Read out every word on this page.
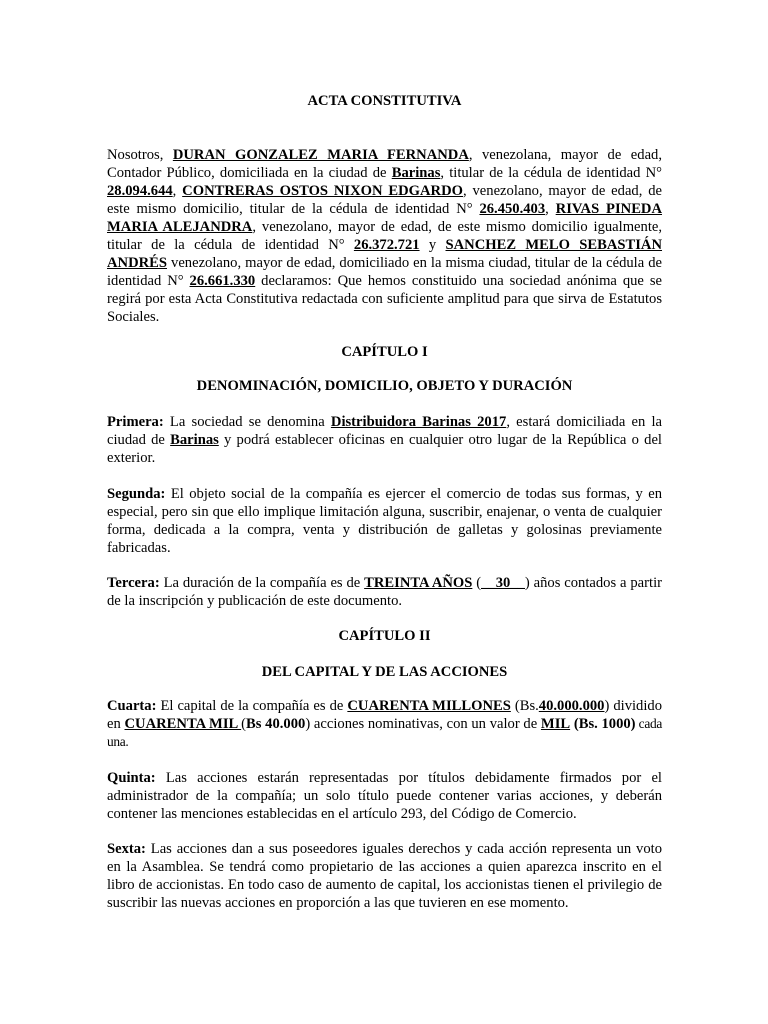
ACTA CONSTITUTIVA

Nosotros, DURAN GONZALEZ MARIA FERNANDA, venezolana, mayor de edad, Contador Público, domiciliada en la ciudad de Barinas, titular de la cédula de identidad N° 28.094.644, CONTRERAS OSTOS NIXON EDGARDO, venezolano, mayor de edad, de este mismo domicilio, titular de la cédula de identidad N° 26.450.403, RIVAS PINEDA MARIA ALEJANDRA, venezolano, mayor de edad, de este mismo domicilio igualmente, titular de la cédula de identidad N° 26.372.721 y SANCHEZ MELO SEBASTIÁN ANDRÉS venezolano, mayor de edad, domiciliado en la misma ciudad, titular de la cédula de identidad N° 26.661.330 declaramos: Que hemos constituido una sociedad anónima que se regirá por esta Acta Constitutiva redactada con suficiente amplitud para que sirva de Estatutos Sociales.

CAPÍTULO I

DENOMINACIÓN, DOMICILIO, OBJETO Y DURACIÓN

Primera: La sociedad se denomina Distribuidora Barinas 2017, estará domiciliada en la ciudad de Barinas y podrá establecer oficinas en cualquier otro lugar de la República o del exterior.

Segunda: El objeto social de la compañía es ejercer el comercio de todas sus formas, y en especial, pero sin que ello implique limitación alguna, suscribir, enajenar, o venta de cualquier forma, dedicada a la compra, venta y distribución de galletas y golosinas previamente fabricadas.

Tercera: La duración de la compañía es de TREINTA AÑOS (__30__) años contados a partir de la inscripción y publicación de este documento.

CAPÍTULO II

DEL CAPITAL Y DE LAS ACCIONES

Cuarta: El capital de la compañía es de CUARENTA MILLONES (Bs.40.000.000) dividido en CUARENTA MIL (Bs 40.000) acciones nominativas, con un valor de MIL (Bs. 1000) cada una.

Quinta: Las acciones estarán representadas por títulos debidamente firmados por el administrador de la compañía; un solo título puede contener varias acciones, y deberán contener las menciones establecidas en el artículo 293, del Código de Comercio.

Sexta: Las acciones dan a sus poseedores iguales derechos y cada acción representa un voto en la Asamblea. Se tendrá como propietario de las acciones a quien aparezca inscrito en el libro de accionistas. En todo caso de aumento de capital, los accionistas tienen el privilegio de suscribir las nuevas acciones en proporción a las que tuvieren en ese momento.
